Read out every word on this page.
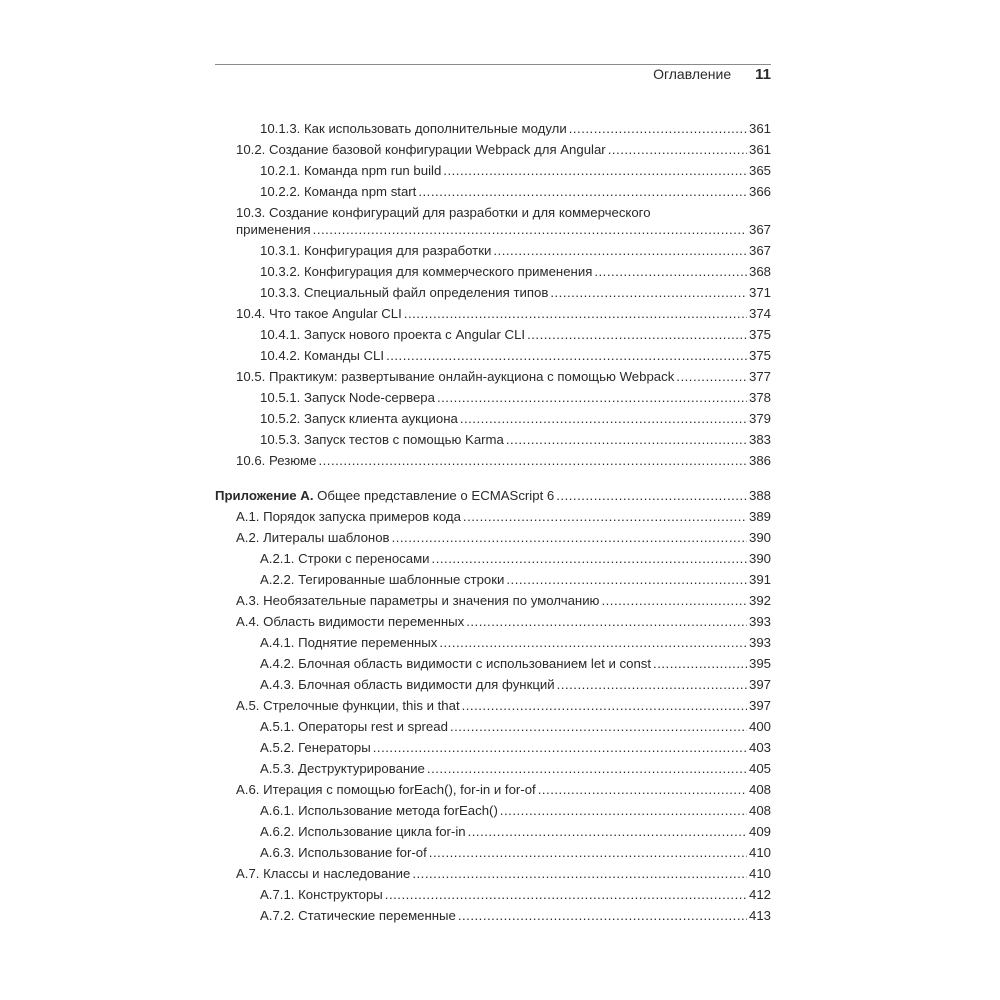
Оглавление 11
10.1.3. Как использовать дополнительные модули .....	361
10.2. Создание базовой конфигурации Webpack для Angular .....	361
10.2.1. Команда npm run build .....	365
10.2.2. Команда npm start .....	366
10.3. Создание конфигураций для разработки и для коммерческого
применения .....	367
10.3.1. Конфигурация для разработки .....	367
10.3.2. Конфигурация для коммерческого применения .....	368
10.3.3. Специальный файл определения типов .....	371
10.4. Что такое Angular CLI .....	374
10.4.1. Запуск нового проекта с Angular CLI .....	375
10.4.2. Команды CLI .....	375
10.5. Практикум: развертывание онлайн-аукциона с помощью Webpack .....	377
10.5.1. Запуск Node-сервера .....	378
10.5.2. Запуск клиента аукциона .....	379
10.5.3. Запуск тестов с помощью Karma .....	383
10.6. Резюме .....	386
Приложение А. Общее представление о ECMAScript 6 .....	388
A.1. Порядок запуска примеров кода .....	389
A.2. Литералы шаблонов .....	390
A.2.1. Строки с переносами .....	390
A.2.2. Тегированные шаблонные строки .....	391
A.3. Необязательные параметры и значения по умолчанию .....	392
A.4. Область видимости переменных .....	393
A.4.1. Поднятие переменных .....	393
A.4.2. Блочная область видимости с использованием let и const .....	395
A.4.3. Блочная область видимости для функций .....	397
A.5. Стрелочные функции, this и that .....	397
A.5.1. Операторы rest и spread .....	400
A.5.2. Генераторы .....	403
A.5.3. Деструктурирование .....	405
A.6. Итерация с помощью forEach(), for-in и for-of .....	408
A.6.1. Использование метода forEach() .....	408
A.6.2. Использование цикла for-in .....	409
A.6.3. Использование for-of .....	410
A.7. Классы и наследование .....	410
A.7.1. Конструкторы .....	412
A.7.2. Статические переменные .....	413
